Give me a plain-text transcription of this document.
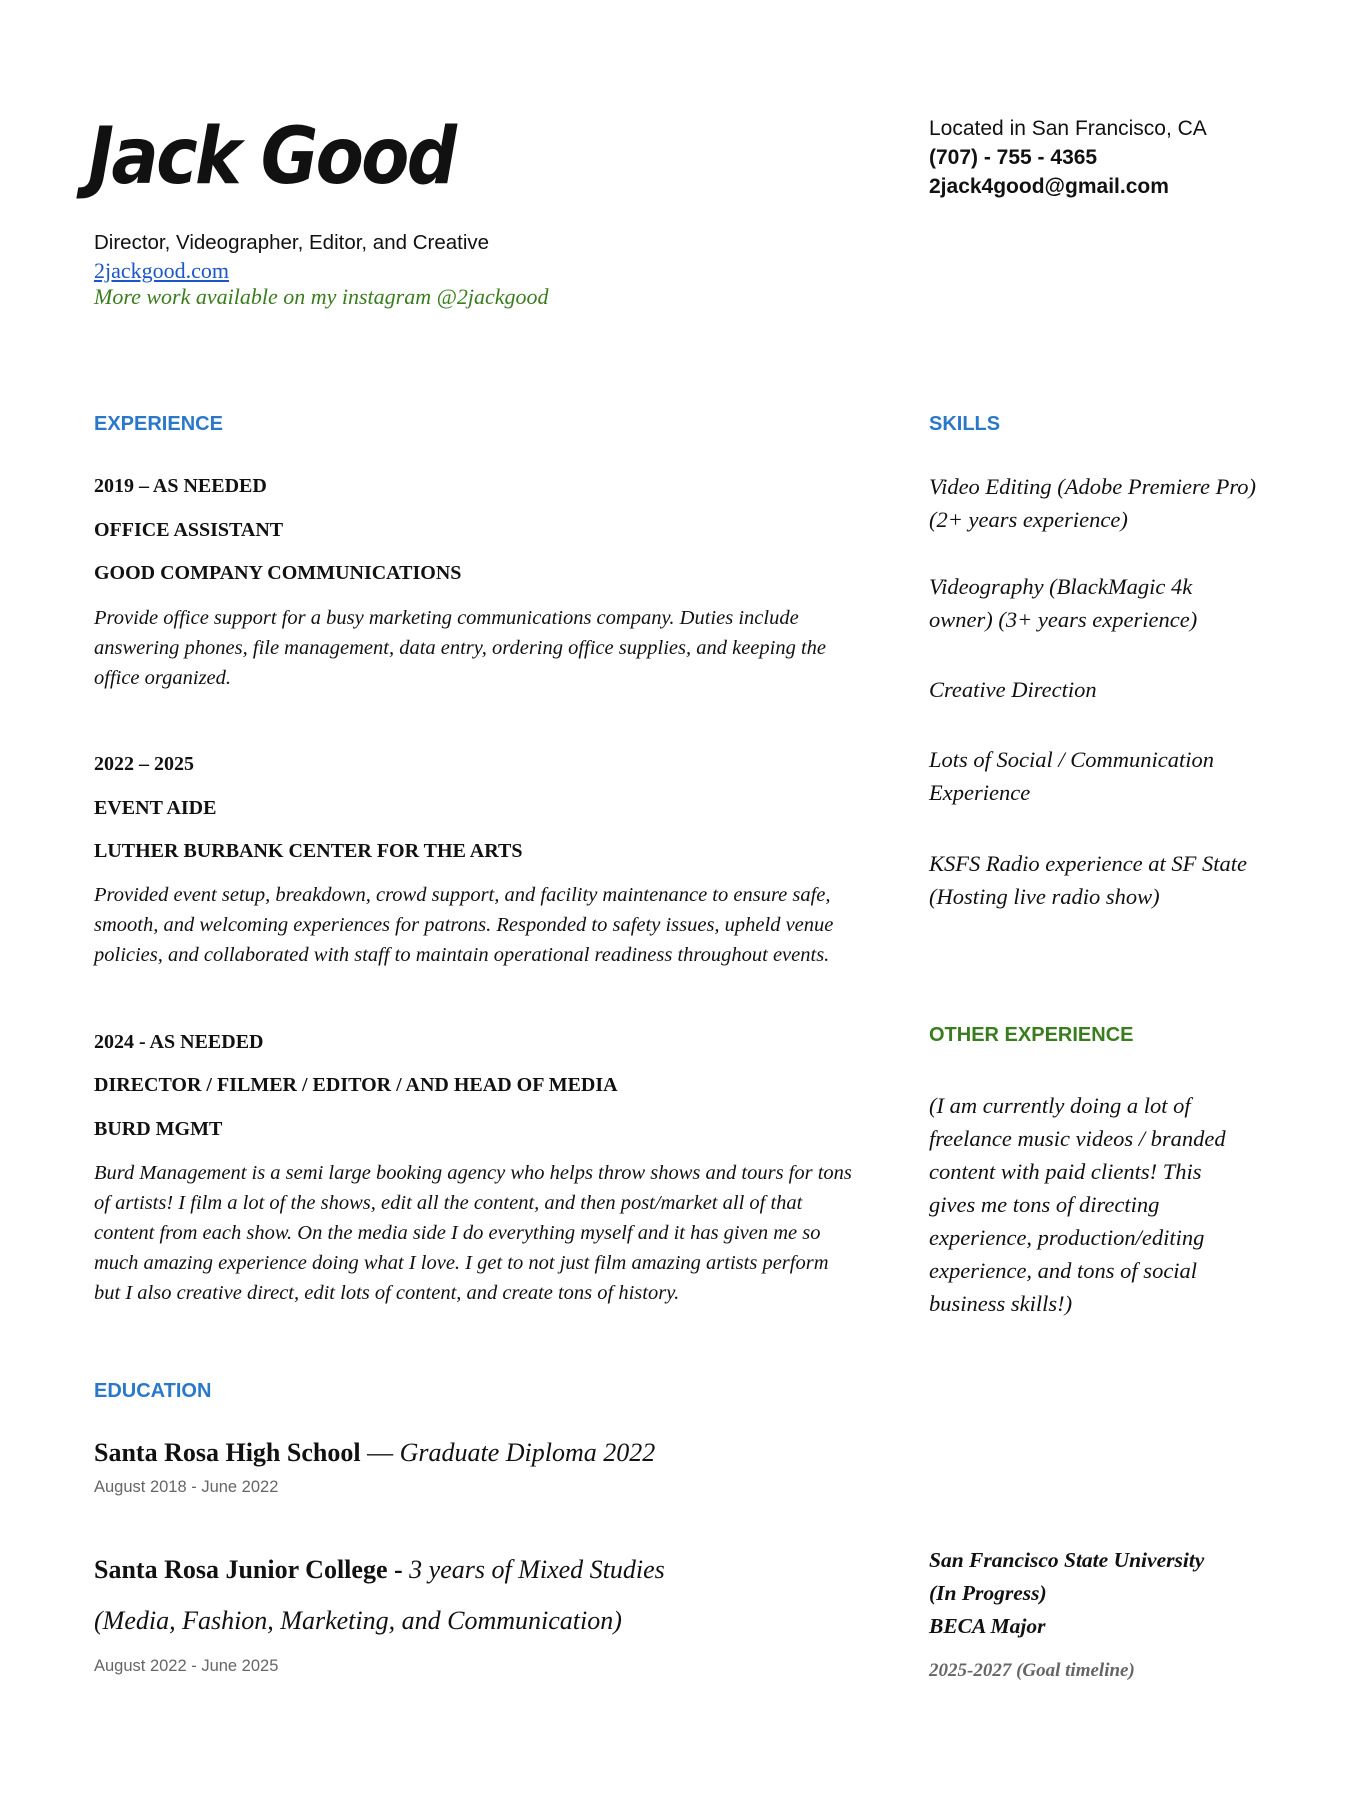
Jack Good
Director, Videographer, Editor, and Creative
2jackgood.com
More work available on my instagram @2jackgood
Located in San Francisco, CA
(707) - 755 - 4365
2jack4good@gmail.com
EXPERIENCE
2019 – AS NEEDED
OFFICE ASSISTANT
GOOD COMPANY COMMUNICATIONS
Provide office support for a busy marketing communications company. Duties include answering phones, file management, data entry, ordering office supplies, and keeping the office organized.
2022 – 2025
EVENT AIDE
LUTHER BURBANK CENTER FOR THE ARTS
Provided event setup, breakdown, crowd support, and facility maintenance to ensure safe, smooth, and welcoming experiences for patrons. Responded to safety issues, upheld venue policies, and collaborated with staff to maintain operational readiness throughout events.
2024 - AS NEEDED
DIRECTOR / FILMER / EDITOR / AND HEAD OF MEDIA
BURD MGMT
Burd Management is a semi large booking agency who helps throw shows and tours for tons of artists! I film a lot of the shows, edit all the content, and then post/market all of that content from each show. On the media side I do everything myself and it has given me so much amazing experience doing what I love. I get to not just film amazing artists perform but I also creative direct, edit lots of content, and create tons of history.
EDUCATION
Santa Rosa High School — Graduate Diploma 2022
August 2018 - June 2022
Santa Rosa Junior College - 3 years of Mixed Studies
(Media, Fashion, Marketing, and Communication)
August 2022 - June 2025
SKILLS
Video Editing (Adobe Premiere Pro) (2+ years experience)
Videography (BlackMagic 4k owner) (3+ years experience)
Creative Direction
Lots of Social / Communication Experience
KSFS Radio experience at SF State (Hosting live radio show)
OTHER EXPERIENCE
(I am currently doing a lot of freelance music videos / branded content with paid clients! This gives me tons of directing experience, production/editing experience, and tons of social business skills!)
San Francisco State University
(In Progress)
BECA Major
2025-2027 (Goal timeline)
